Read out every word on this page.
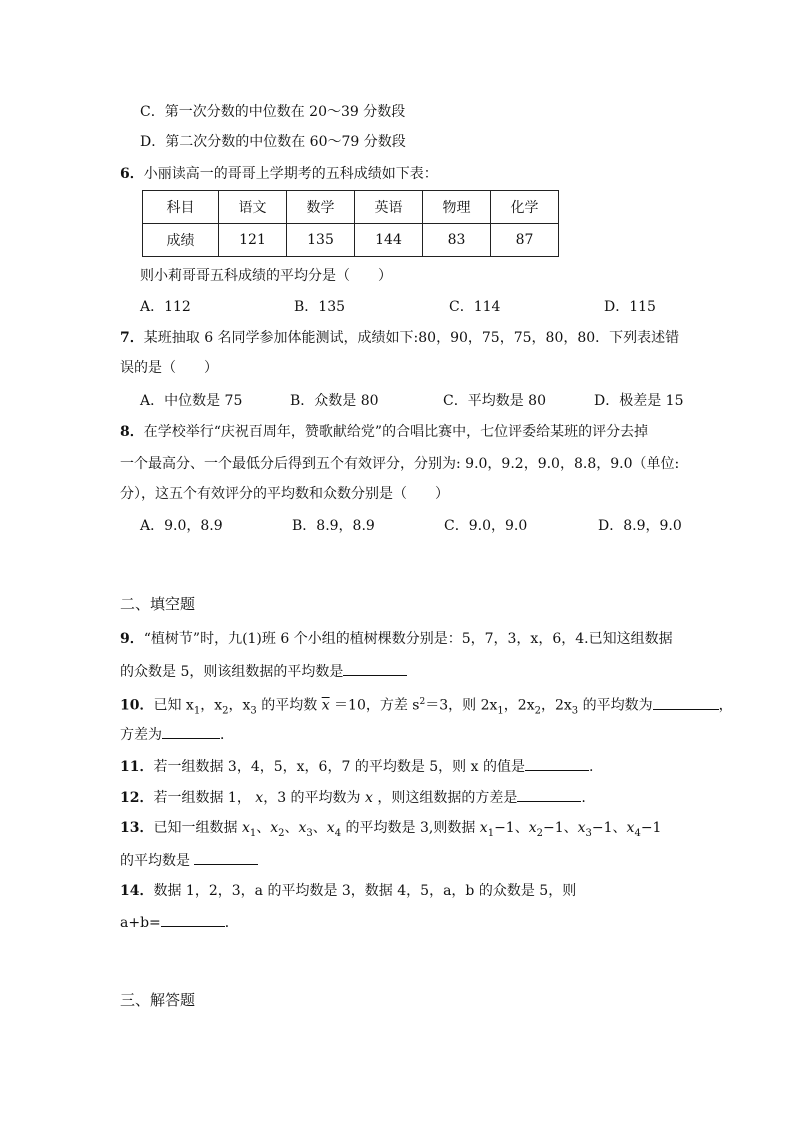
C．第一次分数的中位数在 20～39 分数段
D．第二次分数的中位数在 60～79 分数段
6．小丽读高一的哥哥上学期考的五科成绩如下表：
科目	语文	数学	英语	物理	化学
成绩	121	135	144	83	87
则小莉哥哥五科成绩的平均分是（　　）
A．112	B．135	C．114	D．115
7．某班抽取 6 名同学参加体能测试，成绩如下:80，90，75，75，80，80．下列表述错
误的是（　　）
A．中位数是 75	B．众数是 80	C．平均数是 80	D．极差是 15
8．在学校举行“庆祝百周年，赞歌献给党”的合唱比赛中，七位评委给某班的评分去掉
一个最高分、一个最低分后得到五个有效评分，分别为: 9.0，9.2，9.0，8.8，9.0（单位:
分），这五个有效评分的平均数和众数分别是（　　）
A．9.0，8.9	B．8.9，8.9	C．9.0，9.0	D．8.9，9.0
二、填空题
9．“植树节”时，九(1)班 6 个小组的植树棵数分别是：5，7，3，x，6，4.已知这组数据
的众数是 5，则该组数据的平均数是
10．已知 $x_1$，$x_2$，$x_3$ 的平均数 $\overline{x} =10$，方差 $s^2=3$，则 $2x_1$，$2x_2$，$2x_3$ 的平均数为	，
方差为	．
11．若一组数据 3，4，5，x，6，7 的平均数是 5，则 x 的值是	.
12．若一组数据 1， x，3 的平均数为 x ，则这组数据的方差是	.
13．已知一组数据 $x_1$、$x_2$、$x_3$、$x_4$ 的平均数是 3,则数据 $x_1-1$、$x_2-1$、$x_3-1$、$x_4-1$
的平均数是
14．数据 1，2，3，a 的平均数是 3，数据 4，5，a，b 的众数是 5，则
a+b=	．
三、解答题
